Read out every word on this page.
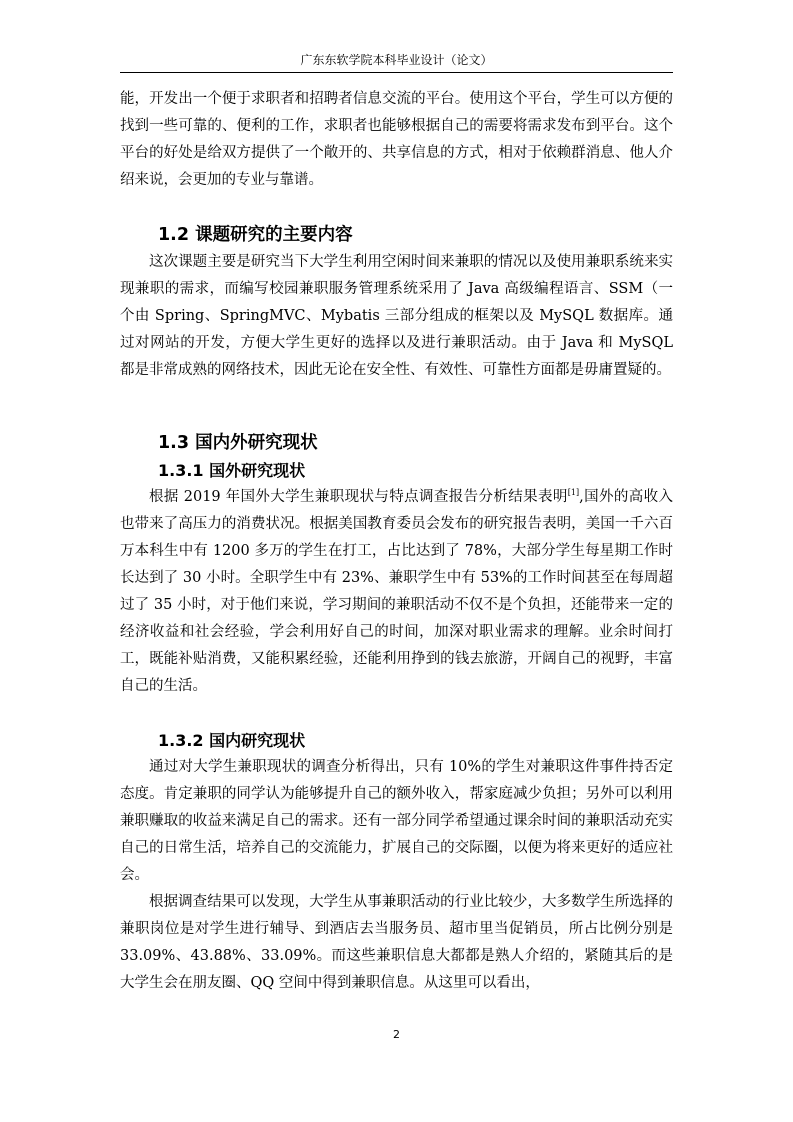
广东东软学院本科毕业设计（论文）

能，开发出一个便于求职者和招聘者信息交流的平台。使用这个平台，学生可以方便的找到一些可靠的、便利的工作，求职者也能够根据自己的需要将需求发布到平台。这个平台的好处是给双方提供了一个敞开的、共享信息的方式，相对于依赖群消息、他人介绍来说，会更加的专业与靠谱。

1.2 课题研究的主要内容

这次课题主要是研究当下大学生利用空闲时间来兼职的情况以及使用兼职系统来实现兼职的需求，而编写校园兼职服务管理系统采用了 Java 高级编程语言、SSM（一个由 Spring、SpringMVC、Mybatis 三部分组成的框架以及 MySQL 数据库。通过对网站的开发，方便大学生更好的选择以及进行兼职活动。由于 Java 和 MySQL 都是非常成熟的网络技术，因此无论在安全性、有效性、可靠性方面都是毋庸置疑的。

1.3 国内外研究现状
1.3.1 国外研究现状

根据 2019 年国外大学生兼职现状与特点调查报告分析结果表明[1],国外的高收入也带来了高压力的消费状况。根据美国教育委员会发布的研究报告表明，美国一千六百万本科生中有 1200 多万的学生在打工，占比达到了 78%，大部分学生每星期工作时长达到了 30 小时。全职学生中有 23%、兼职学生中有 53%的工作时间甚至在每周超过了 35 小时，对于他们来说，学习期间的兼职活动不仅不是个负担，还能带来一定的经济收益和社会经验，学会利用好自己的时间，加深对职业需求的理解。业余时间打工，既能补贴消费，又能积累经验，还能利用挣到的钱去旅游，开阔自己的视野，丰富自己的生活。

1.3.2 国内研究现状

通过对大学生兼职现状的调查分析得出，只有 10%的学生对兼职这件事件持否定态度。肯定兼职的同学认为能够提升自己的额外收入，帮家庭减少负担；另外可以利用兼职赚取的收益来满足自己的需求。还有一部分同学希望通过课余时间的兼职活动充实自己的日常生活，培养自己的交流能力，扩展自己的交际圈，以便为将来更好的适应社会。

根据调查结果可以发现，大学生从事兼职活动的行业比较少，大多数学生所选择的兼职岗位是对学生进行辅导、到酒店去当服务员、超市里当促销员，所占比例分别是 33.09%、43.88%、33.09%。而这些兼职信息大都都是熟人介绍的，紧随其后的是大学生会在朋友圈、QQ 空间中得到兼职信息。从这里可以看出，

2
